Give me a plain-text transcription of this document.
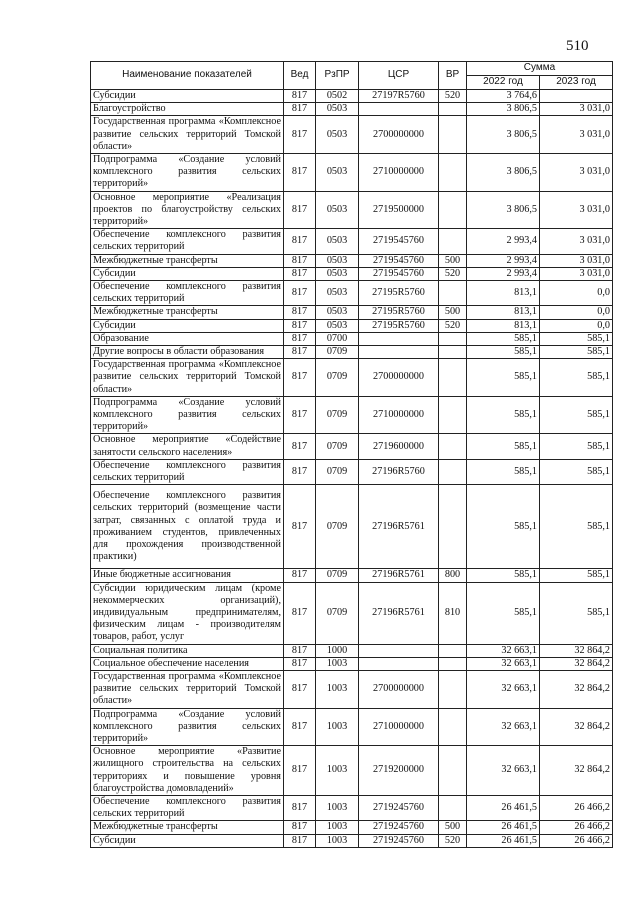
510
Наименование показателей	Вед	РзПР	ЦСР	ВР	Сумма	
					2022 год	2023 год
Субсидии	817	0502	27197R5760	520	3 764,6	
Благоустройство	817	0503			3 806,5	3 031,0
Государственная программа «Комплексное развитие сельских территорий Томской области»	817	0503	2700000000		3 806,5	3 031,0
Подпрограмма «Создание условий комплексного развития сельских территорий»	817	0503	2710000000		3 806,5	3 031,0
Основное мероприятие «Реализация проектов по благоустройству сельских территорий»	817	0503	2719500000		3 806,5	3 031,0
Обеспечение комплексного развития сельских территорий	817	0503	2719545760		2 993,4	3 031,0
Межбюджетные трансферты	817	0503	2719545760	500	2 993,4	3 031,0
Субсидии	817	0503	2719545760	520	2 993,4	3 031,0
Обеспечение комплексного развития сельских территорий	817	0503	27195R5760		813,1	0,0
Межбюджетные трансферты	817	0503	27195R5760	500	813,1	0,0
Субсидии	817	0503	27195R5760	520	813,1	0,0
Образование	817	0700			585,1	585,1
Другие вопросы в области образования	817	0709			585,1	585,1
Государственная программа «Комплексное развитие сельских территорий Томской области»	817	0709	2700000000		585,1	585,1
Подпрограмма «Создание условий комплексного развития сельских территорий»	817	0709	2710000000		585,1	585,1
Основное мероприятие «Содействие занятости сельского населения»	817	0709	2719600000		585,1	585,1
Обеспечение комплексного развития сельских территорий	817	0709	27196R5760		585,1	585,1
Обеспечение комплексного развития сельских территорий (возмещение части затрат, связанных с оплатой труда и проживанием студентов, привлеченных для прохождения производственной практики)	817	0709	27196R5761		585,1	585,1
Иные бюджетные ассигнования	817	0709	27196R5761	800	585,1	585,1
Субсидии юридическим лицам (кроме некоммерческих организаций), индивидуальным предпринимателям, физическим лицам - производителям товаров, работ, услуг	817	0709	27196R5761	810	585,1	585,1
Социальная политика	817	1000			32 663,1	32 864,2
Социальное обеспечение населения	817	1003			32 663,1	32 864,2
Государственная программа «Комплексное развитие сельских территорий Томской области»	817	1003	2700000000		32 663,1	32 864,2
Подпрограмма «Создание условий комплексного развития сельских территорий»	817	1003	2710000000		32 663,1	32 864,2
Основное мероприятие «Развитие жилищного строительства на сельских территориях и повышение уровня благоустройства домовладений»	817	1003	2719200000		32 663,1	32 864,2
Обеспечение комплексного развития сельских территорий	817	1003	2719245760		26 461,5	26 466,2
Межбюджетные трансферты	817	1003	2719245760	500	26 461,5	26 466,2
Субсидии	817	1003	2719245760	520	26 461,5	26 466,2
